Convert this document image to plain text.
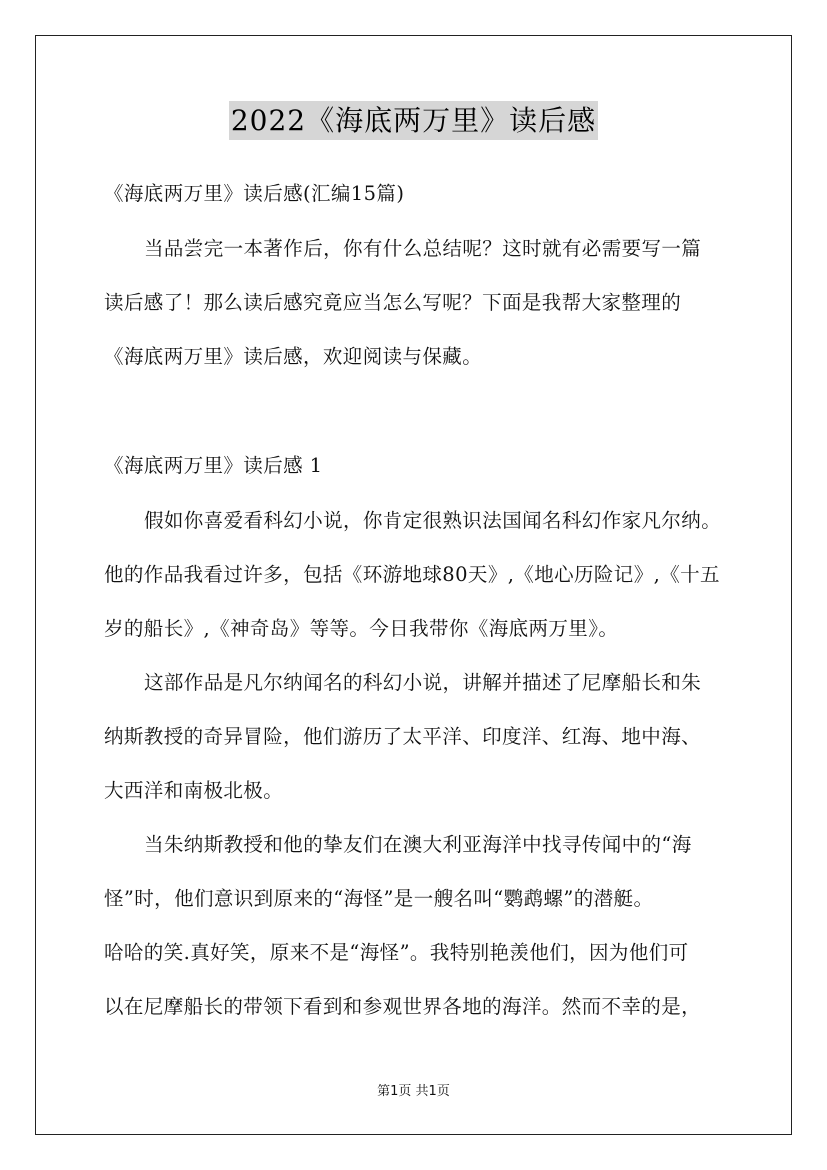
2022《海底两万里》读后感
《海底两万里》读后感(汇编15篇)
当品尝完一本著作后，你有什么总结呢？这时就有必需要写一篇
读后感了！那么读后感究竟应当怎么写呢？下面是我帮大家整理的
《海底两万里》读后感，欢迎阅读与保藏。
《海底两万里》读后感 1
假如你喜爱看科幻小说，你肯定很熟识法国闻名科幻作家凡尔纳。
他的作品我看过许多，包括《环游地球80天》,《地心历险记》,《十五
岁的船长》,《神奇岛》等等。今日我带你《海底两万里》。
这部作品是凡尔纳闻名的科幻小说，讲解并描述了尼摩船长和朱
纳斯教授的奇异冒险，他们游历了太平洋、印度洋、红海、地中海、
大西洋和南极北极。
当朱纳斯教授和他的挚友们在澳大利亚海洋中找寻传闻中的“海
怪”时，他们意识到原来的“海怪”是一艘名叫“鹦鹉螺”的潜艇。
哈哈的笑.真好笑，原来不是“海怪”。我特别艳羡他们，因为他们可
以在尼摩船长的带领下看到和参观世界各地的海洋。然而不幸的是，
第1页 共1页
